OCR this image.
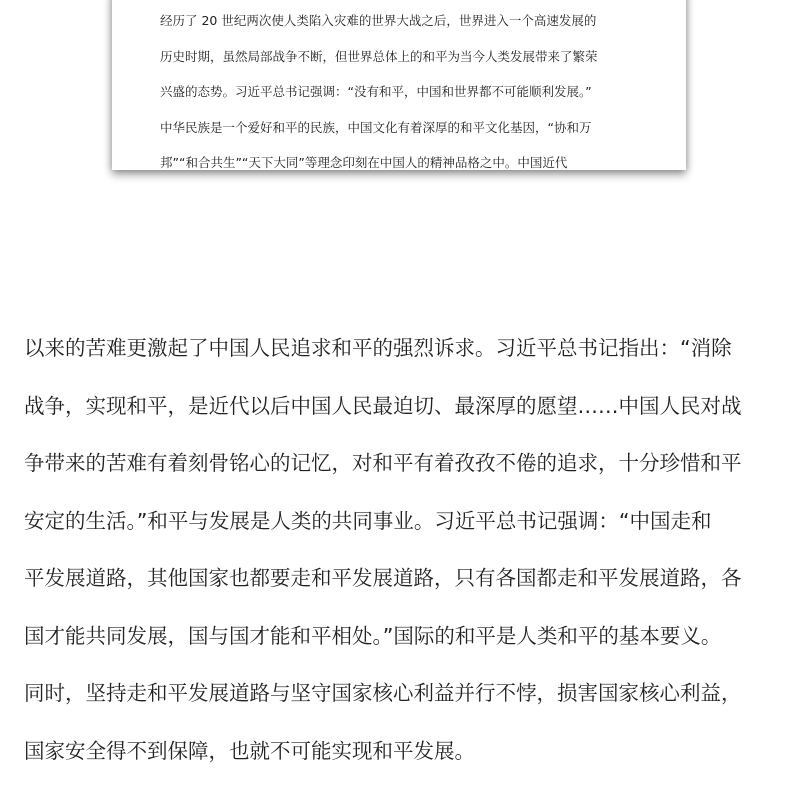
经历了 20 世纪两次使人类陷入灾难的世界大战之后，世界进入一个高速发展的
历史时期，虽然局部战争不断，但世界总体上的和平为当今人类发展带来了繁荣
兴盛的态势。习近平总书记强调：“没有和平，中国和世界都不可能顺利发展。”
中华民族是一个爱好和平的民族，中国文化有着深厚的和平文化基因，“协和万
邦”“和合共生”“天下大同”等理念印刻在中国人的精神品格之中。中国近代
以来的苦难更激起了中国人民追求和平的强烈诉求。习近平总书记指出：“消除
战争，实现和平，是近代以后中国人民最迫切、最深厚的愿望……中国人民对战
争带来的苦难有着刻骨铭心的记忆，对和平有着孜孜不倦的追求，十分珍惜和平
安定的生活。”和平与发展是人类的共同事业。习近平总书记强调：“中国走和
平发展道路，其他国家也都要走和平发展道路，只有各国都走和平发展道路，各
国才能共同发展，国与国才能和平相处。”国际的和平是人类和平的基本要义。
同时，坚持走和平发展道路与坚守国家核心利益并行不悖，损害国家核心利益，
国家安全得不到保障，也就不可能实现和平发展。
